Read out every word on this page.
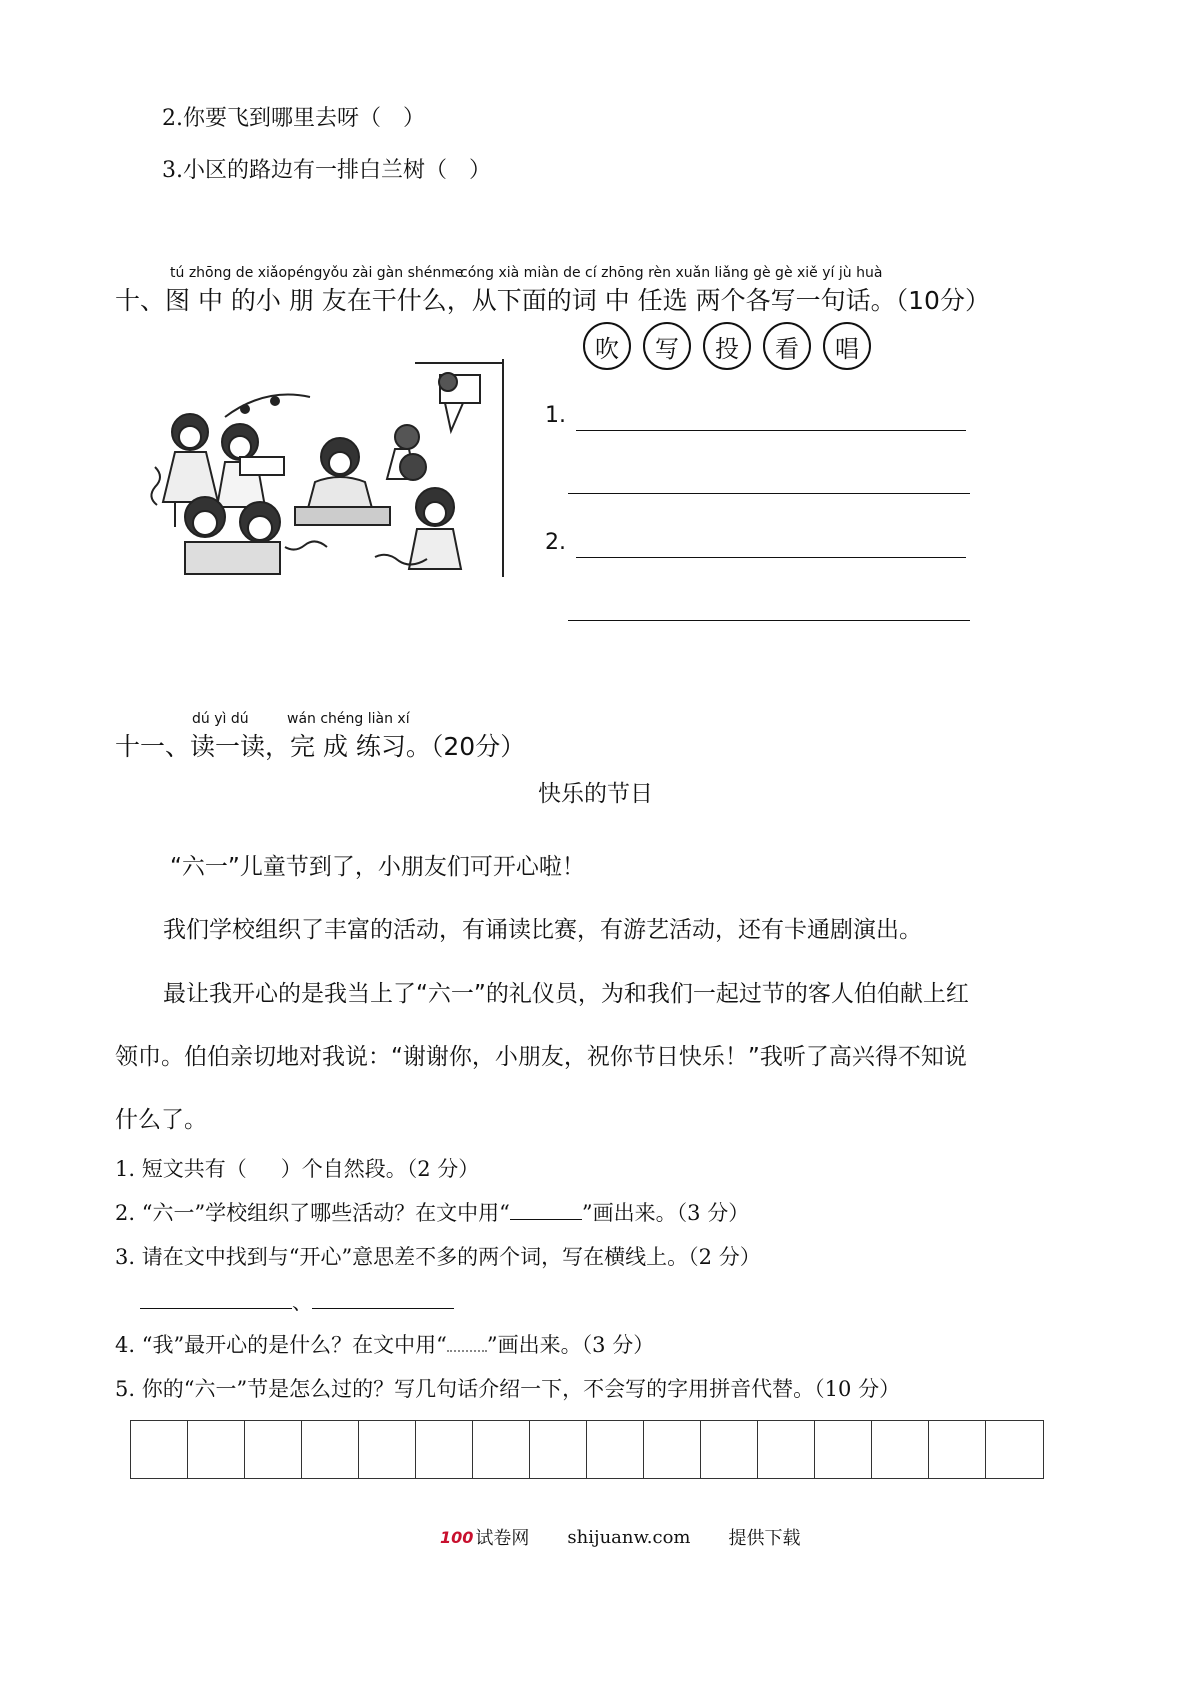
2.你要飞到哪里去呀（　）
3.小区的路边有一排白兰树（　）
tú zhōng de xiǎopéngyǒu zài gàn shénme
cóng xià miàn de cí zhōng rèn xuǎn liǎng gè gè xiě yí jù huà
十、图 中 的小 朋 友在干什么，从下面的词 中 任选 两个各写一句话。（10分）
吹	写	投	看	唱
1.
2.
dú yì dú	wán chéng liàn xí
十一、读一读，完 成 练习。（20分）
快乐的节日
“六一”儿童节到了，小朋友们可开心啦！
我们学校组织了丰富的活动，有诵读比赛，有游艺活动，还有卡通剧演出。
最让我开心的是我当上了“六一”的礼仪员，为和我们一起过节的客人伯伯献上红
领巾。伯伯亲切地对我说：“谢谢你，小朋友，祝你节日快乐！”我听了高兴得不知说
什么了。
1. 短文共有（ ）个自然段。（2 分）
2. “六一”学校组织了哪些活动？在文中用“	”画出来。（3 分）
3. 请在文中找到与“开心”意思差不多的两个词，写在横线上。（2 分）
、
4. “我”最开心的是什么？在文中用“ ”画出来。（3 分）
5. 你的“六一”节是怎么过的？写几句话介绍一下，不会写的字用拼音代替。（10 分）
100 试卷网 shijuanw.com 提供下载
